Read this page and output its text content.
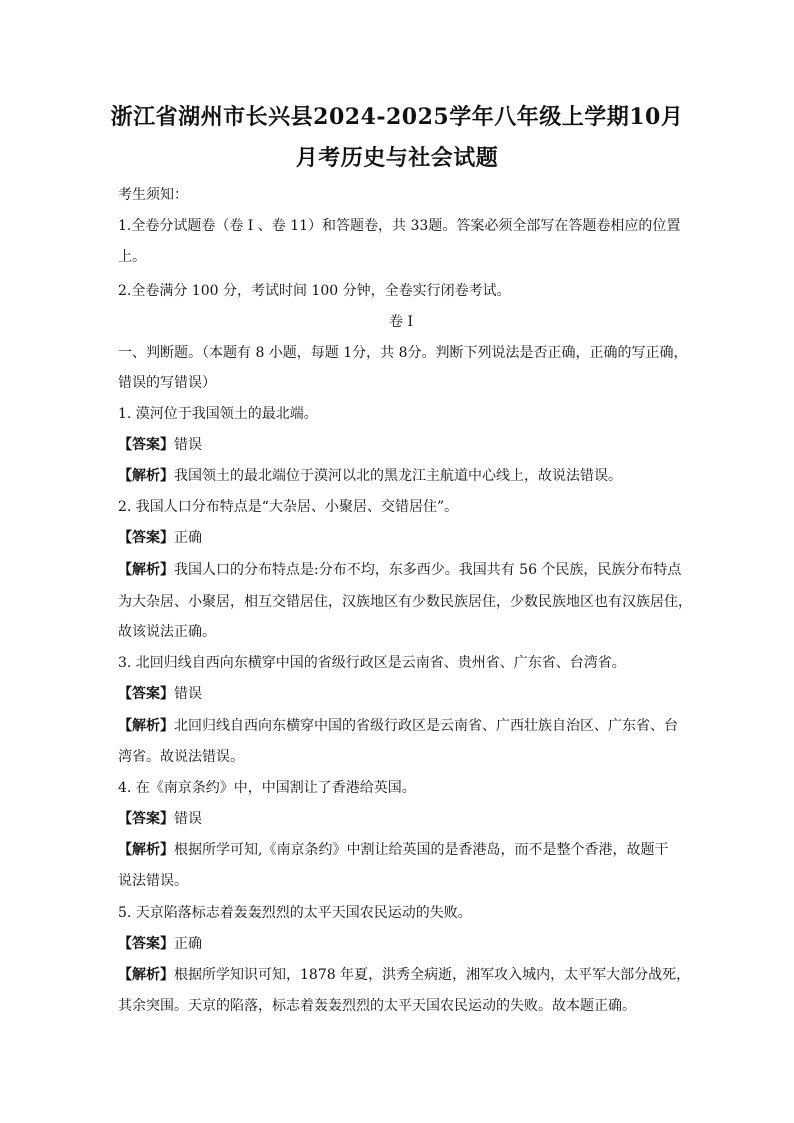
浙江省湖州市长兴县2024-2025学年八年级上学期10月
月考历史与社会试题
考生须知：
1.全卷分试题卷（卷 I 、卷 11）和答题卷，共 33题。答案必须全部写在答题卷相应的位置
上。
2.全卷满分 100 分，考试时间 100 分钟，全卷实行闭卷考试。
卷 I
一、判断题。（本题有 8 小题，每题 1分，共 8分。判断下列说法是否正确，正确的写正确，
错误的写错误）
1. 漠河位于我国领土的最北端。
【答案】错误
【解析】我国领土的最北端位于漠河以北的黑龙江主航道中心线上，故说法错误。
2. 我国人口分布特点是“大杂居、小聚居、交错居住”。
【答案】正确
【解析】我国人口的分布特点是:分布不均，东多西少。我国共有 56 个民族，民族分布特点
为大杂居、小聚居，相互交错居住，汉族地区有少数民族居住，少数民族地区也有汉族居住，
故该说法正确。
3. 北回归线自西向东横穿中国的省级行政区是云南省、贵州省、广东省、台湾省。
【答案】错误
【解析】北回归线自西向东横穿中国的省级行政区是云南省、广西壮族自治区、广东省、台
湾省。故说法错误。
4. 在《南京条约》中，中国割让了香港给英国。
【答案】错误
【解析】根据所学可知,《南京条约》中割让给英国的是香港岛，而不是整个香港，故题干
说法错误。
5. 天京陷落标志着轰轰烈烈的太平天国农民运动的失败。
【答案】正确
【解析】根据所学知识可知，1878 年夏，洪秀全病逝，湘军攻入城内，太平军大部分战死，
其余突围。天京的陷落，标志着轰轰烈烈的太平天国农民运动的失败。故本题正确。
